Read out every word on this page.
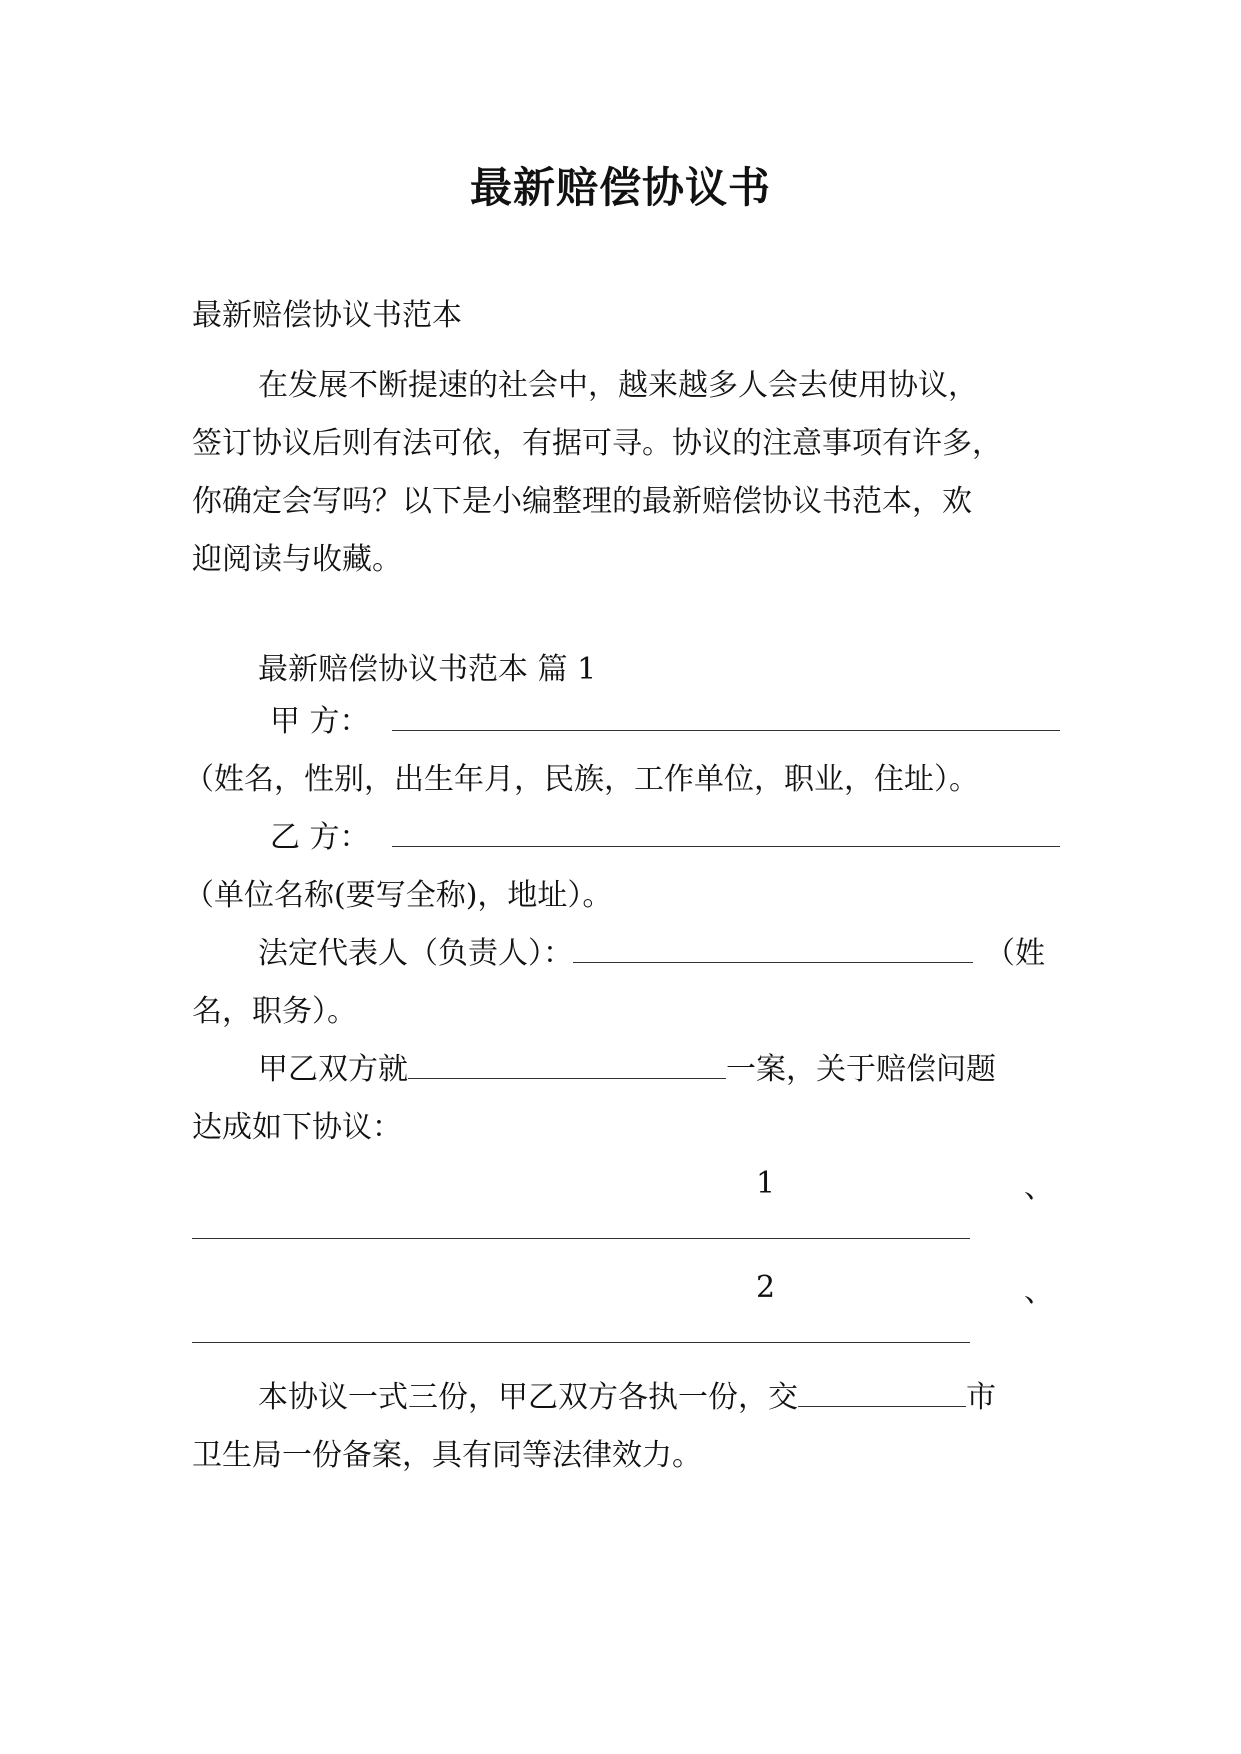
最新赔偿协议书
最新赔偿协议书范本
在发展不断提速的社会中，越来越多人会去使用协议，
签订协议后则有法可依，有据可寻。协议的注意事项有许多，
你确定会写吗？以下是小编整理的最新赔偿协议书范本，欢
迎阅读与收藏。
最新赔偿协议书范本 篇 1
甲 方：
（姓名，性别，出生年月，民族，工作单位，职业，住址）。
乙 方：
（单位名称(要写全称)，地址）。
法定代表人（负责人）：	（姓
名，职务）。
甲乙双方就	一案，关于赔偿问题
达成如下协议：
1	、
2	、
本协议一式三份，甲乙双方各执一份，交	市
卫生局一份备案，具有同等法律效力。
